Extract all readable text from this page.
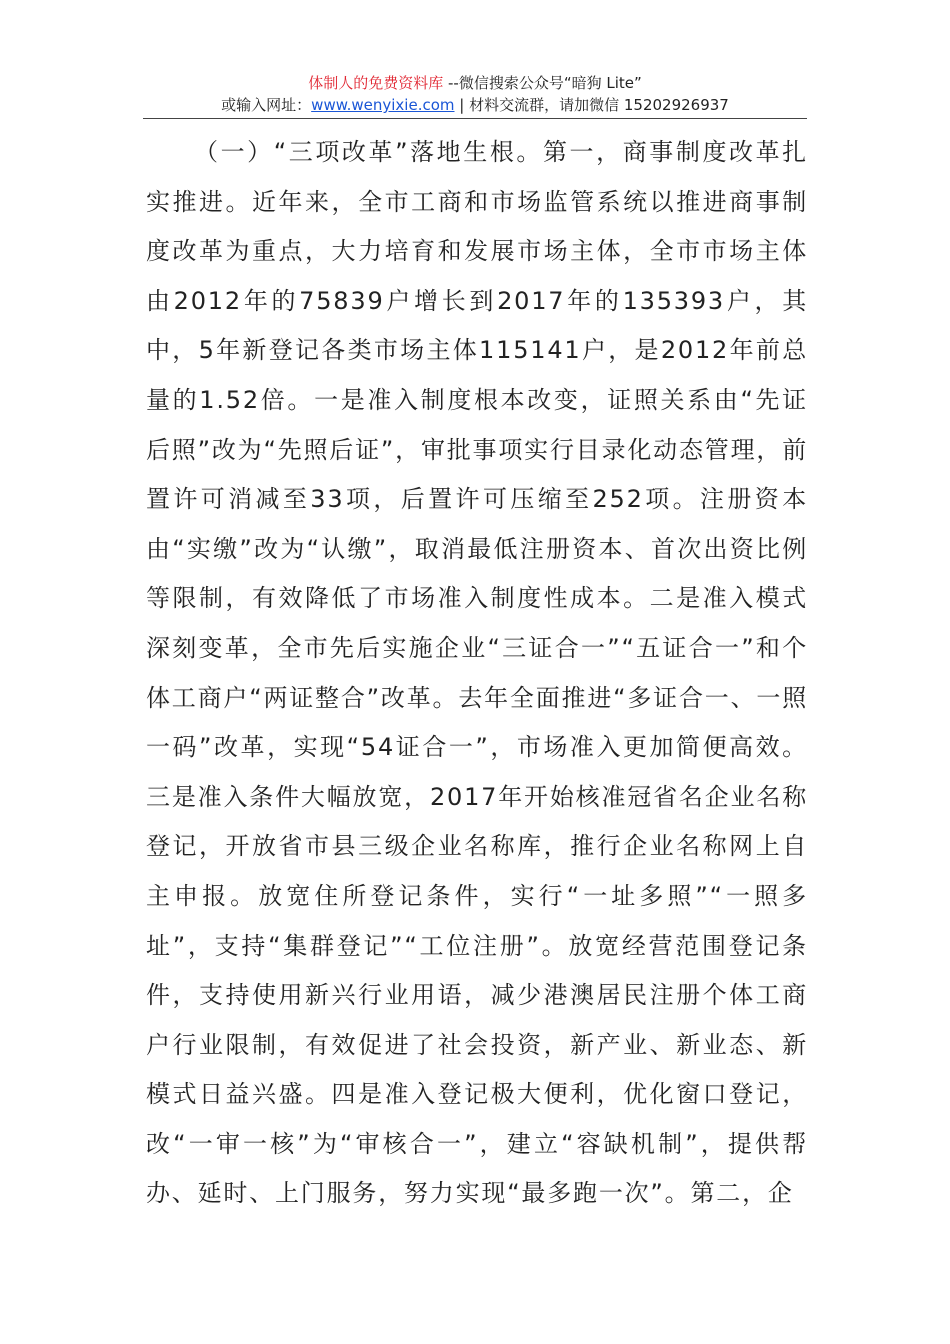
体制人的免费资料库 --微信搜索公众号“暗狗 Lite”
或输入网址：www.wenyixie.com | 材料交流群，请加微信 15202926937
（一）“三项改革”落地生根。第一，商事制度改革扎实推进。近年来，全市工商和市场监管系统以推进商事制度改革为重点，大力培育和发展市场主体，全市市场主体由2012年的75839户增长到2017年的135393户，其中，5年新登记各类市场主体115141户，是2012年前总量的1.52倍。一是准入制度根本改变，证照关系由“先证后照”改为“先照后证”，审批事项实行目录化动态管理，前置许可消减至33项，后置许可压缩至252项。注册资本由“实缴”改为“认缴”，取消最低注册资本、首次出资比例等限制，有效降低了市场准入制度性成本。二是准入模式深刻变革，全市先后实施企业“三证合一”“五证合一”和个体工商户“两证整合”改革。去年全面推进“多证合一、一照一码”改革，实现“54证合一”，市场准入更加简便高效。三是准入条件大幅放宽，2017年开始核准冠省名企业名称登记，开放省市县三级企业名称库，推行企业名称网上自主申报。放宽住所登记条件，实行“一址多照”“一照多址”，支持“集群登记”“工位注册”。放宽经营范围登记条件，支持使用新兴行业用语，减少港澳居民注册个体工商户行业限制，有效促进了社会投资，新产业、新业态、新模式日益兴盛。四是准入登记极大便利，优化窗口登记，改“一审一核”为“审核合一”，建立“容缺机制”，提供帮办、延时、上门服务，努力实现“最多跑一次”。第二，企
